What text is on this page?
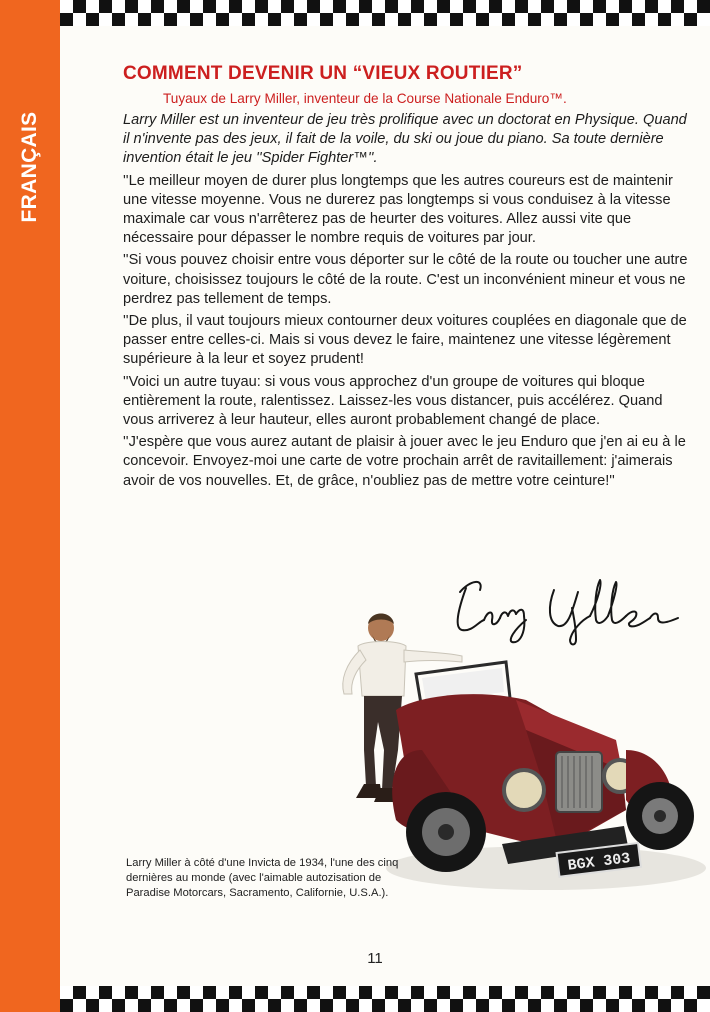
FRANÇAIS
COMMENT DEVENIR UN “VIEUX ROUTIER”
Tuyaux de Larry Miller, inventeur de la Course Nationale Enduro™.

Larry Miller est un inventeur de jeu très prolifique avec un doctorat en Physique. Quand il n'invente pas des jeux, il fait de la voile, du ski ou joue du piano. Sa toute dernière invention était le jeu ''Spider Fighter™''.

''Le meilleur moyen de durer plus longtemps que les autres coureurs est de maintenir une vitesse moyenne. Vous ne durerez pas longtemps si vous conduisez à la vitesse maximale car vous n'arrêterez pas de heurter des voitures. Allez aussi vite que nécessaire pour dépasser le nombre requis de voitures par jour.

''Si vous pouvez choisir entre vous déporter sur le côté de la route ou toucher une autre voiture, choisissez toujours le côté de la route. C'est un inconvénient mineur et vous ne perdrez pas tellement de temps.

''De plus, il vaut toujours mieux contourner deux voitures couplées en diagonale que de passer entre celles-ci. Mais si vous devez le faire, maintenez une vitesse légèrement supérieure à la leur et soyez prudent!

''Voici un autre tuyau: si vous vous approchez d'un groupe de voitures qui bloque entièrement la route, ralentissez. Laissez-les vous distancer, puis accélérez. Quand vous arriverez à leur hauteur, elles auront probablement changé de place.

''J'espère que vous aurez autant de plaisir à jouer avec le jeu Enduro que j'en ai eu à le concevoir. Envoyez-moi une carte de votre prochain arrêt de ravitaillement: j'aimerais avoir de vos nouvelles. Et, de grâce, n'oubliez pas de mettre votre ceinture!''

BGX 303

Larry Miller à côté d'une Invicta de 1934, l'une des cinq dernières au monde (avec l'aimable autozisation de Paradise Motorcars, Sacramento, Californie, U.S.A.).

11
